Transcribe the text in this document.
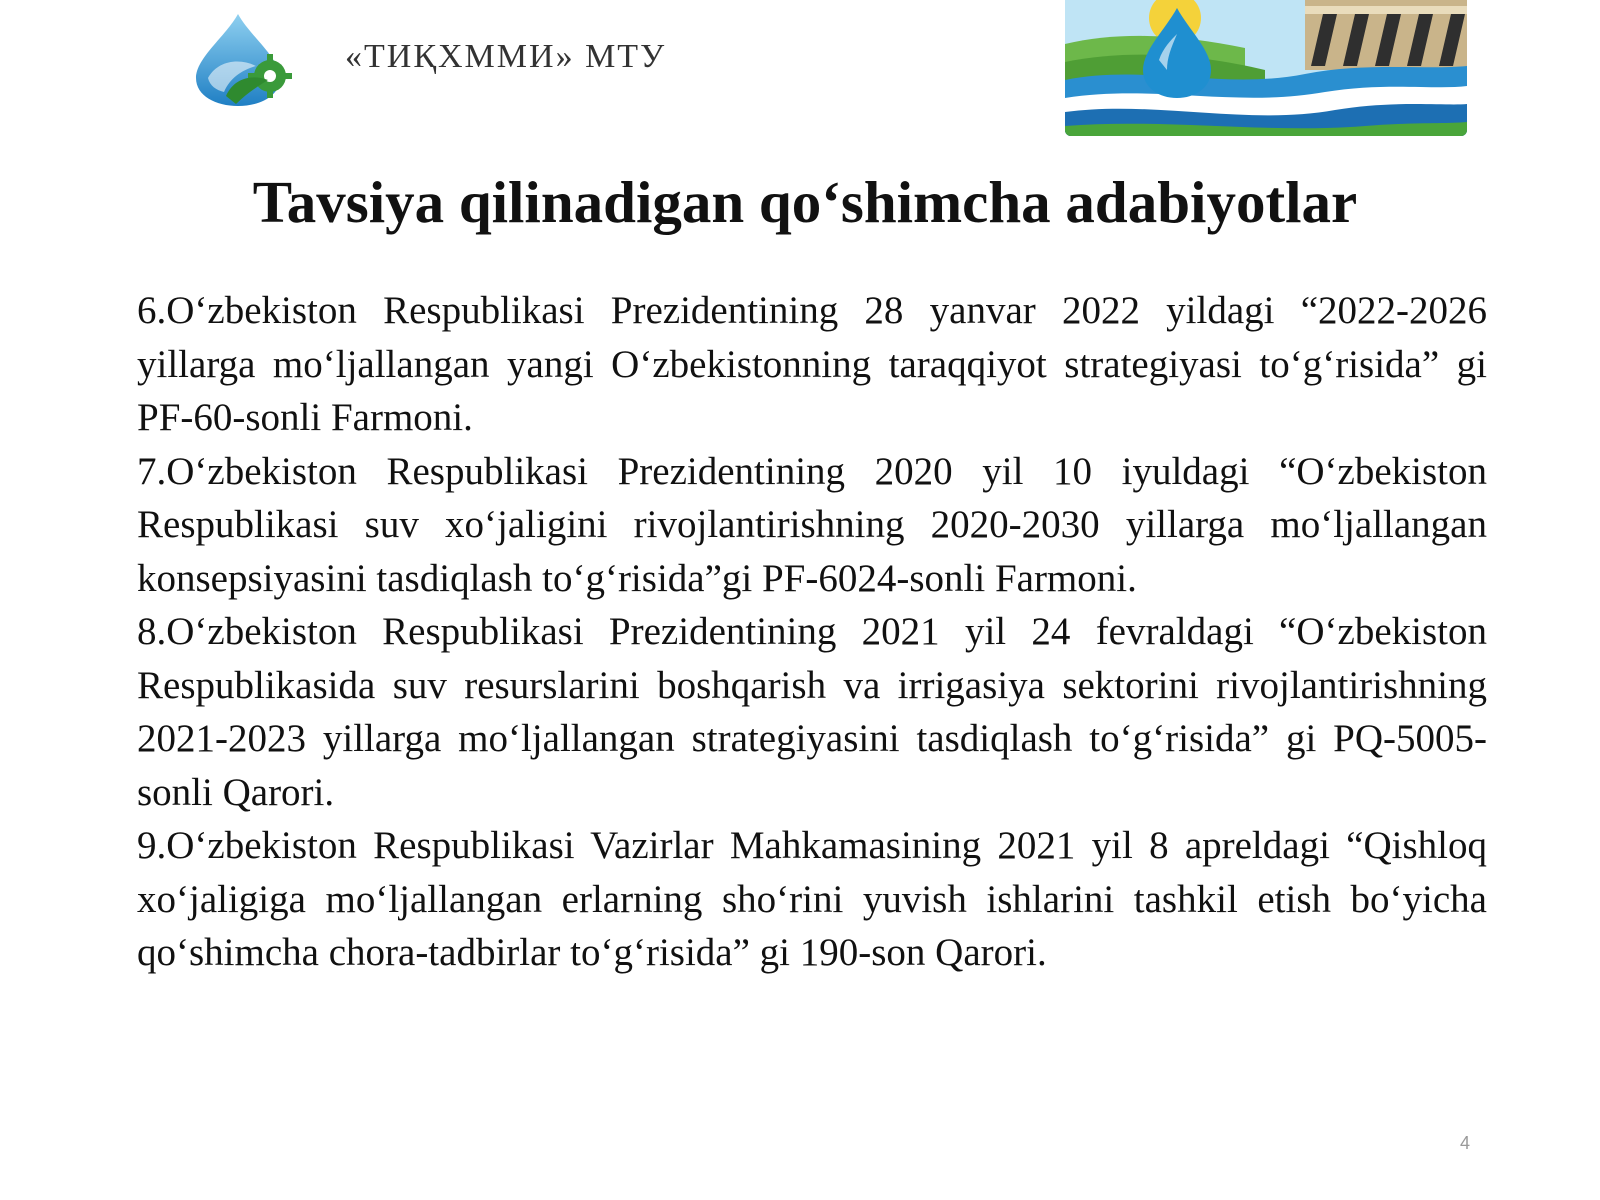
«ТИҚХММИ» МТУ
Tavsiya qilinadigan qo‘shimcha adabiyotlar

6.O‘zbekiston Respublikasi Prezidentining 28 yanvar 2022 yildagi “2022-2026 yillarga mo‘ljallangan yangi O‘zbekistonning taraqqiyot strategiyasi to‘g‘risida” gi PF-60-sonli Farmoni.

7.O‘zbekiston Respublikasi Prezidentining 2020 yil 10 iyuldagi “O‘zbekiston Respublikasi suv xo‘jaligini rivojlantirishning 2020-2030 yillarga mo‘ljallangan konsepsiyasini tasdiqlash to‘g‘risida”gi PF-6024-sonli Farmoni.

8.O‘zbekiston Respublikasi Prezidentining 2021 yil 24 fevraldagi “O‘zbekiston Respublikasida suv resurslarini boshqarish va irrigasiya sektorini rivojlantirishning 2021-2023 yillarga mo‘ljallangan strategiyasini tasdiqlash to‘g‘risida” gi PQ-5005-sonli Qarori.

9.O‘zbekiston Respublikasi Vazirlar Mahkamasining 2021 yil 8 apreldagi “Qishloq xo‘jaligiga mo‘ljallangan erlarning sho‘rini yuvish ishlarini tashkil etish bo‘yicha qo‘shimcha chora-tadbirlar to‘g‘risida” gi 190-son Qarori.

4
